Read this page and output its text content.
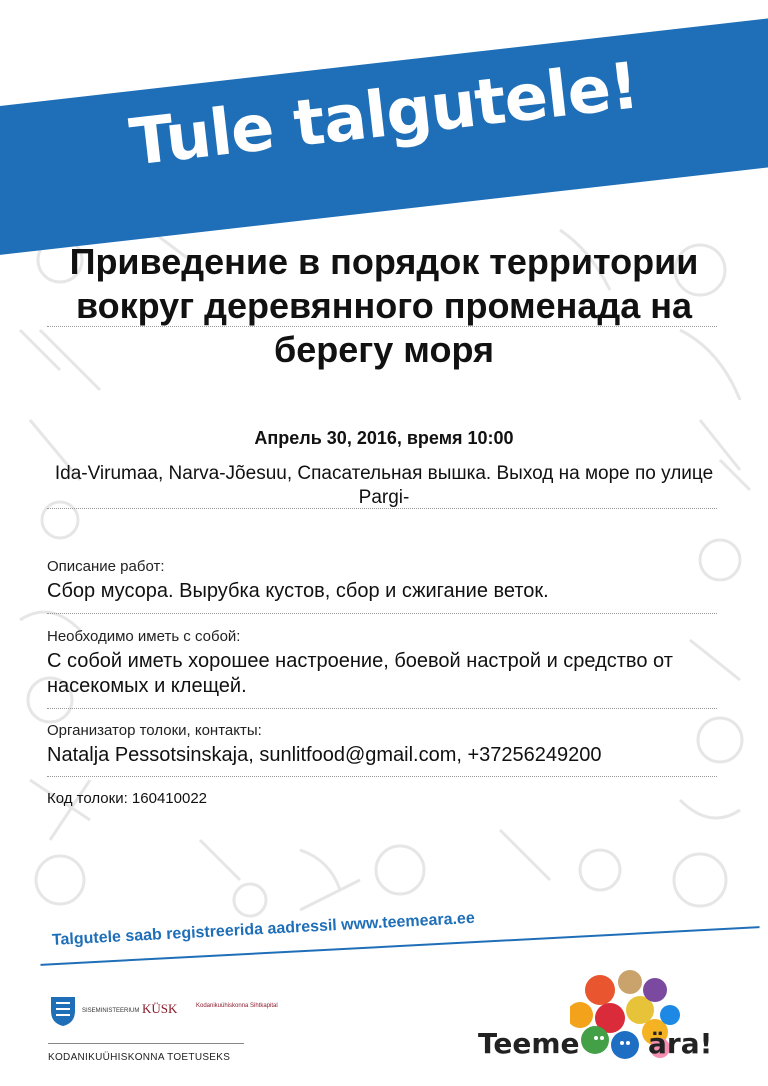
Tule talgutele!
Приведение в порядок территории вокруг деревянного променада на берегу моря
Апрель 30, 2016, время 10:00
Ida-Virumaa, Narva-Jõesuu, Спасательная вышка. Выход на море по улице Pargi-
Описание работ:
Сбор мусора. Вырубка кустов, сбор и сжигание веток.
Необходимо иметь с собой:
С собой иметь хорошее настроение, боевой настрой и средство от насекомых и клещей.
Организатор толоки, контакты:
Natalja Pessotsinskaja, sunlitfood@gmail.com, +37256249200
Код толоки: 160410022
Talgutele saab registreerida aadressil www.teemeara.ee
SISEMINISTEERIUM KÜSK	Kodanikuühiskonna Sihtkapital
KODANIKUÜHISKONNA TOETUSEKS	Teeme ära!
